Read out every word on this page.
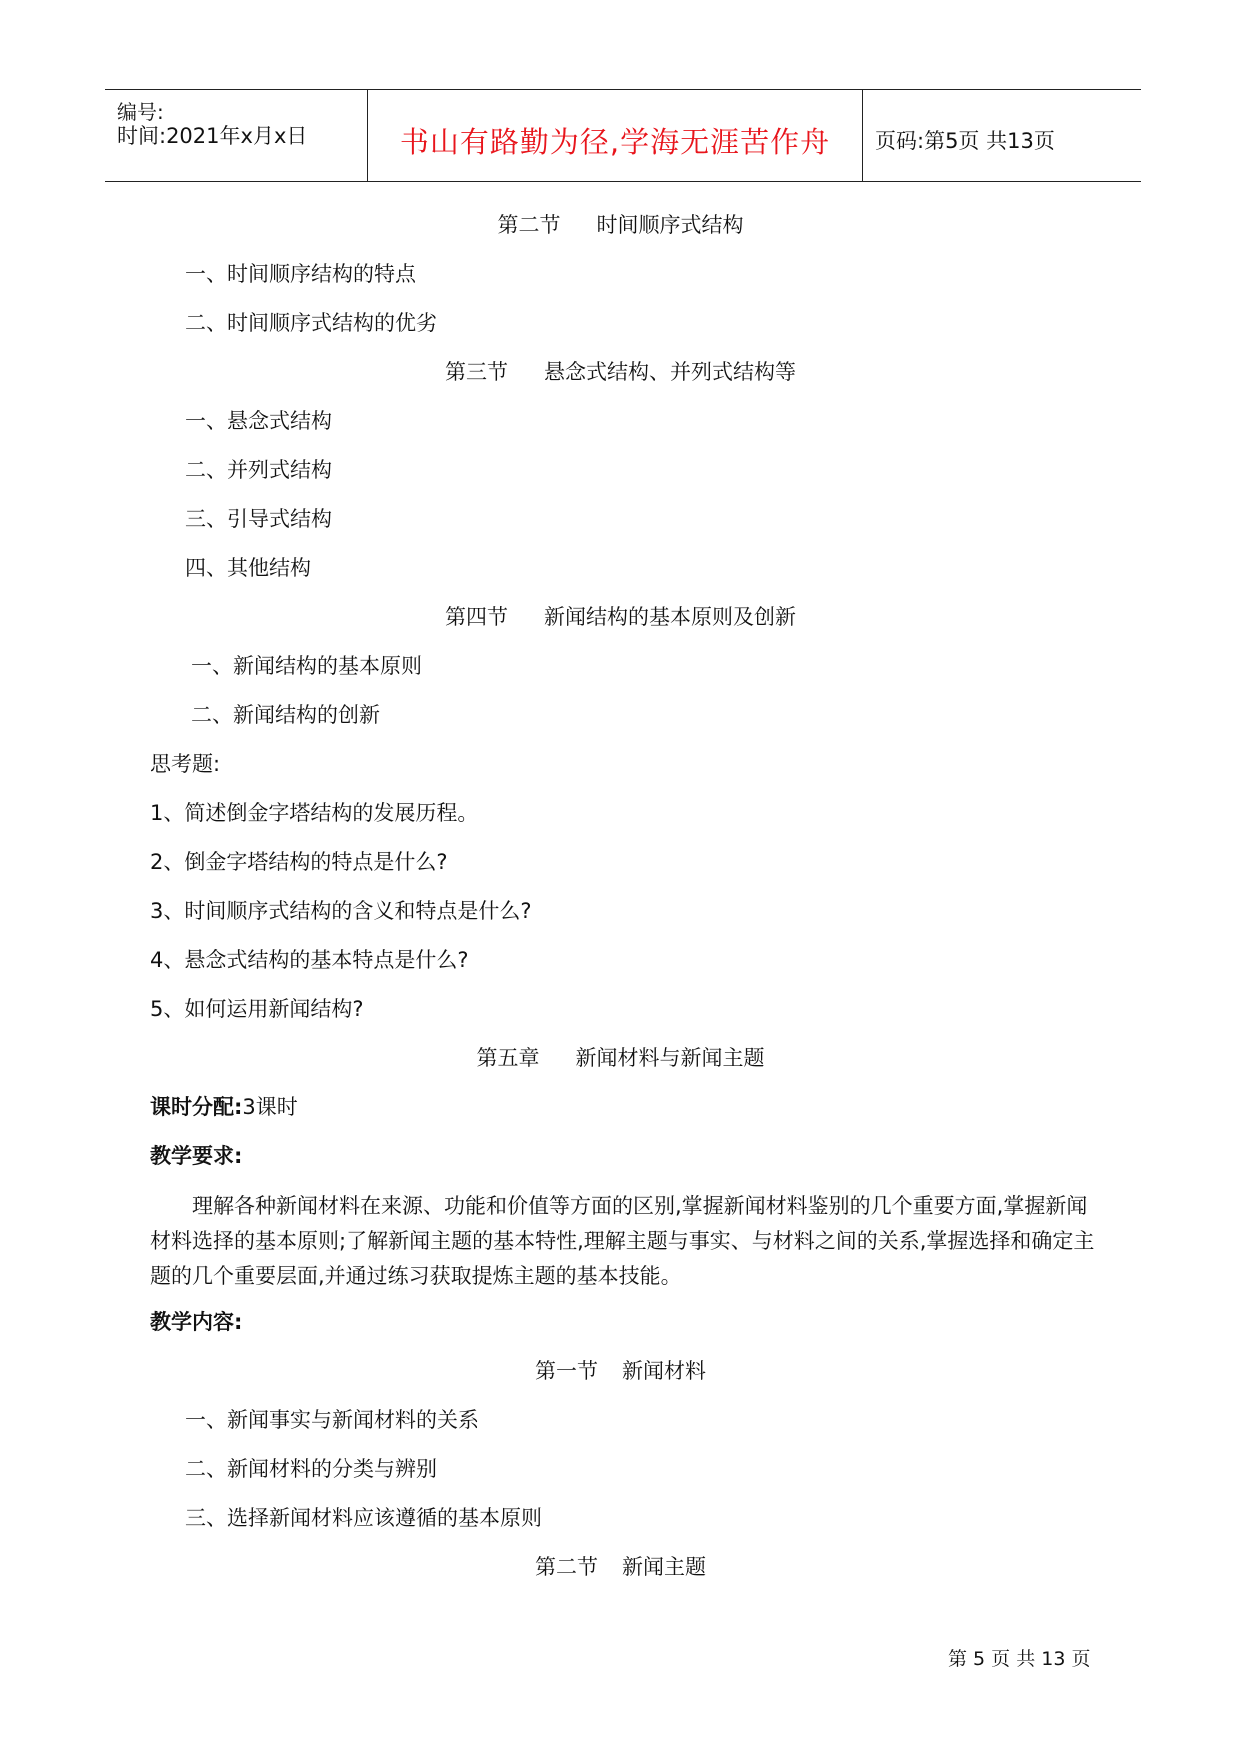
编号:
时间:2021年x月x日	书山有路勤为径,学海无涯苦作舟	页码:第5页 共13页
第二节 时间顺序式结构
一、时间顺序结构的特点
二、时间顺序式结构的优劣
第三节 悬念式结构、并列式结构等
一、悬念式结构
二、并列式结构
三、引导式结构
四、其他结构
第四节 新闻结构的基本原则及创新
一、新闻结构的基本原则
二、新闻结构的创新
思考题:
1、简述倒金字塔结构的发展历程。
2、倒金字塔结构的特点是什么?
3、时间顺序式结构的含义和特点是什么?
4、悬念式结构的基本特点是什么?
5、如何运用新闻结构?
第五章 新闻材料与新闻主题
课时分配:3课时
教学要求:
理解各种新闻材料在来源、功能和价值等方面的区别,掌握新闻材料鉴别的几个重要方面,掌握新闻材料选择的基本原则;了解新闻主题的基本特性,理解主题与事实、与材料之间的关系,掌握选择和确定主题的几个重要层面,并通过练习获取提炼主题的基本技能。
教学内容:
第一节 新闻材料
一、新闻事实与新闻材料的关系
二、新闻材料的分类与辨别
三、选择新闻材料应该遵循的基本原则
第二节 新闻主题
第 5 页 共 13 页
